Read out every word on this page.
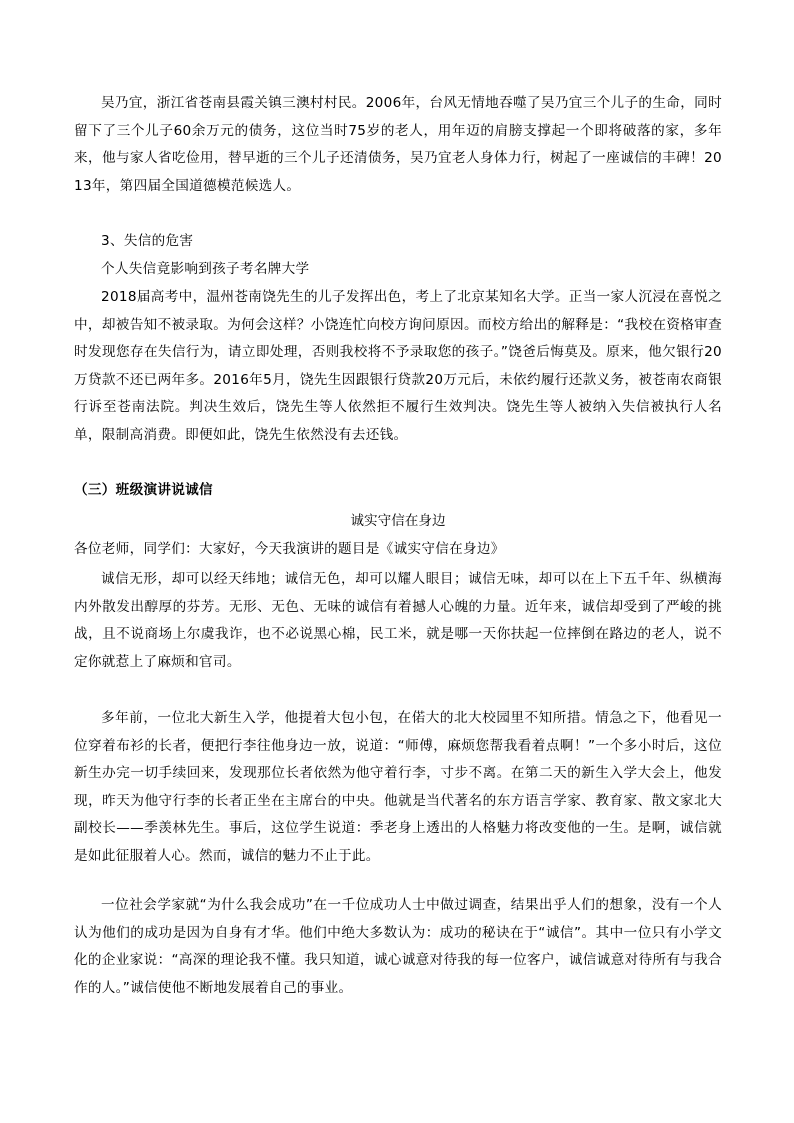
吴乃宜，浙江省苍南县霞关镇三澳村村民。2006年，台风无情地吞噬了吴乃宜三个儿子的生命，同时留下了三个儿子60余万元的债务，这位当时75岁的老人，用年迈的肩膀支撑起一个即将破落的家，多年来，他与家人省吃俭用，替早逝的三个儿子还清债务，吴乃宜老人身体力行，树起了一座诚信的丰碑！2013年，第四届全国道德模范候选人。

3、失信的危害

个人失信竟影响到孩子考名牌大学

2018届高考中，温州苍南饶先生的儿子发挥出色，考上了北京某知名大学。正当一家人沉浸在喜悦之中，却被告知不被录取。为何会这样？小饶连忙向校方询问原因。而校方给出的解释是：“我校在资格审查时发现您存在失信行为，请立即处理，否则我校将不予录取您的孩子。”饶爸后悔莫及。原来，他欠银行20万贷款不还已两年多。2016年5月，饶先生因跟银行贷款20万元后，未依约履行还款义务，被苍南农商银行诉至苍南法院。判决生效后，饶先生等人依然拒不履行生效判决。饶先生等人被纳入失信被执行人名单，限制高消费。即便如此，饶先生依然没有去还钱。

（三）班级演讲说诚信

诚实守信在身边

各位老师，同学们：大家好，今天我演讲的题目是《诚实守信在身边》

诚信无形，却可以经天纬地；诚信无色，却可以耀人眼目；诚信无味，却可以在上下五千年、纵横海内外散发出醇厚的芬芳。无形、无色、无味的诚信有着撼人心魄的力量。近年来，诚信却受到了严峻的挑战，且不说商场上尔虞我诈，也不必说黑心棉，民工米，就是哪一天你扶起一位摔倒在路边的老人，说不定你就惹上了麻烦和官司。

多年前，一位北大新生入学，他提着大包小包，在偌大的北大校园里不知所措。情急之下，他看见一位穿着布衫的长者，便把行李往他身边一放，说道：“师傅，麻烦您帮我看着点啊！”一个多小时后，这位新生办完一切手续回来，发现那位长者依然为他守着行李，寸步不离。在第二天的新生入学大会上，他发现，昨天为他守行李的长者正坐在主席台的中央。他就是当代著名的东方语言学家、教育家、散文家北大副校长——季羡林先生。事后，这位学生说道：季老身上透出的人格魅力将改变他的一生。是啊，诚信就是如此征服着人心。然而，诚信的魅力不止于此。

一位社会学家就“为什么我会成功”在一千位成功人士中做过调查，结果出乎人们的想象，没有一个人认为他们的成功是因为自身有才华。他们中绝大多数认为：成功的秘诀在于“诚信”。其中一位只有小学文化的企业家说：“高深的理论我不懂。我只知道，诚心诚意对待我的每一位客户，诚信诚意对待所有与我合作的人。”诚信使他不断地发展着自己的事业。
